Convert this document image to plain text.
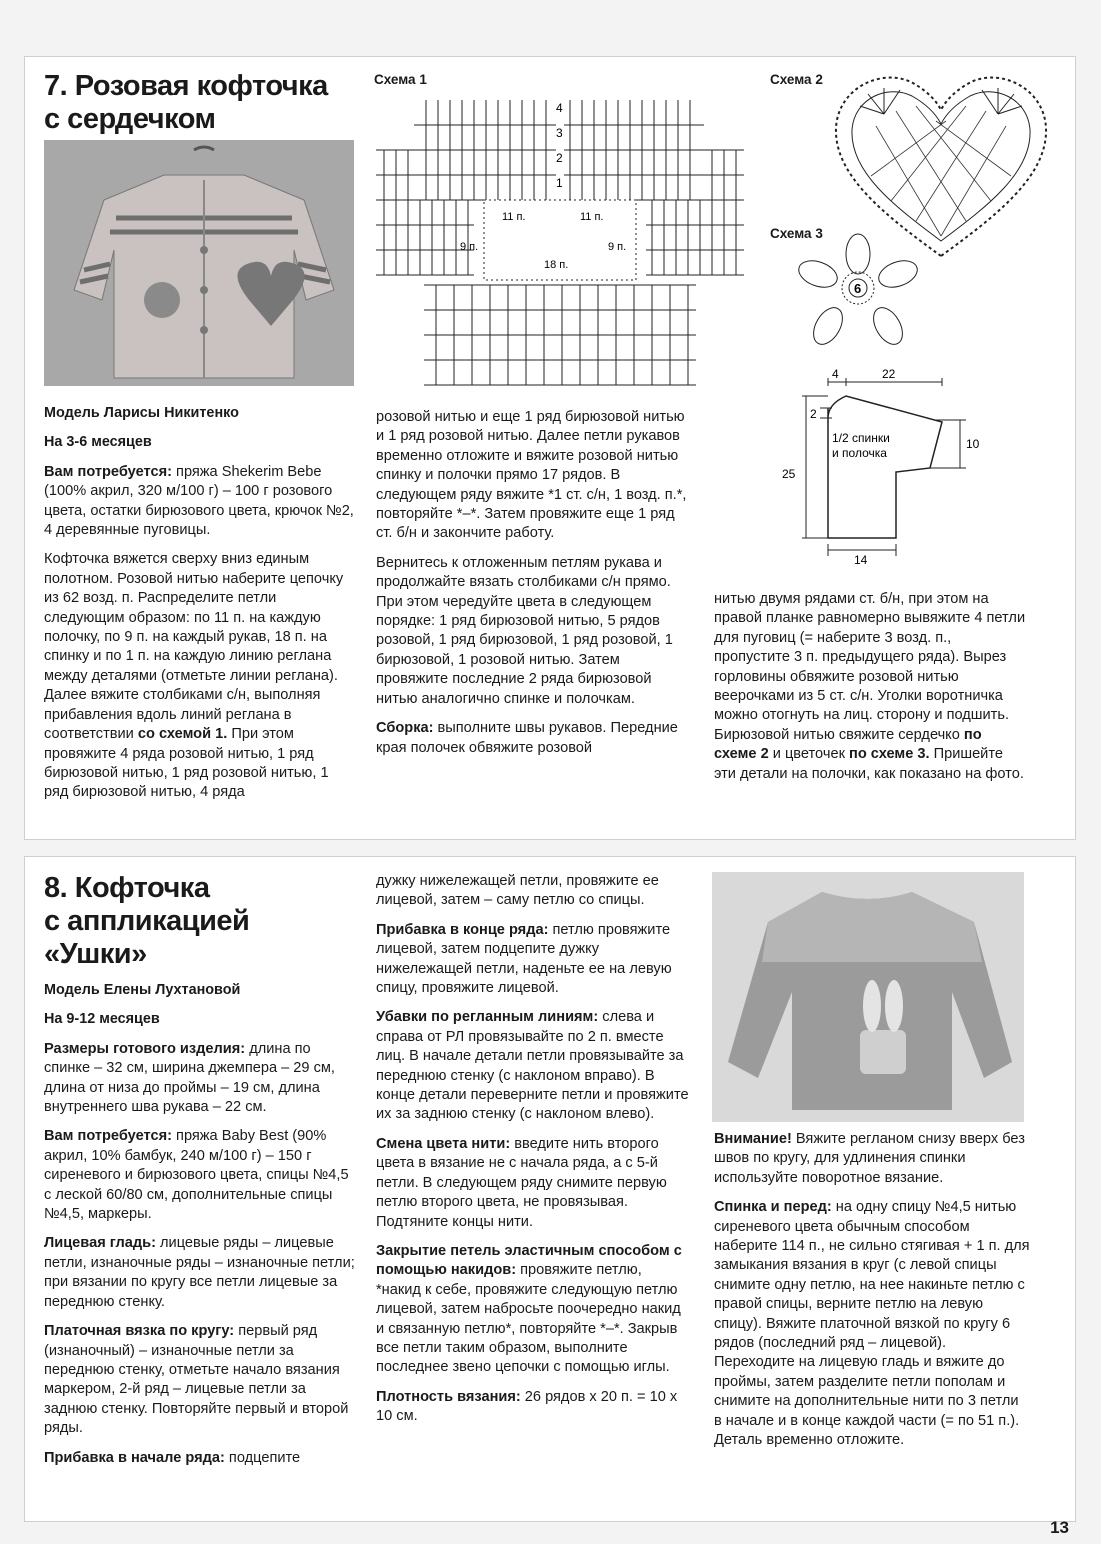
7. Розовая кофточка
с сердечком
Схема 1
4
3
2
1
11 п.	11 п.
9 п.	9 п.
18 п.
Схема 2
Схема 3
6
4	22
2
10
25
14
1/2 спинки
и полочка

Модель Ларисы Никитенко

На 3-6 месяцев

Вам потребуется: пряжа Shekerim Bebe (100% акрил, 320 м/100 г) – 100 г розового цвета, остатки бирюзового цвета, крючок №2, 4 деревянные пуговицы.

Кофточка вяжется сверху вниз единым полотном. Розовой нитью наберите цепочку из 62 возд. п. Распределите петли следующим образом: по 11 п. на каждую полочку, по 9 п. на каждый рукав, 18 п. на спинку и по 1 п. на каждую линию реглана между деталями (отметьте линии реглана). Далее вяжите столбиками с/н, выполняя прибавления вдоль линий реглана в соответствии со схемой 1. При этом провяжите 4 ряда розовой нитью, 1 ряд бирюзовой нитью, 1 ряд розовой нитью, 1 ряд бирюзовой нитью, 4 ряда

розовой нитью и еще 1 ряд бирюзовой нитью и 1 ряд розовой нитью. Далее петли рукавов временно отложите и вяжите розовой нитью спинку и полочки прямо 17 рядов. В следующем ряду вяжите *1 ст. с/н, 1 возд. п.*, повторяйте *–*. Затем провяжите еще 1 ряд ст. б/н и закончите работу.

Вернитесь к отложенным петлям рукава и продолжайте вязать столбиками с/н прямо. При этом чередуйте цвета в следующем порядке: 1 ряд бирюзовой нитью, 5 рядов розовой, 1 ряд бирюзовой, 1 ряд розовой, 1 бирюзовой, 1 розовой нитью. Затем провяжите последние 2 ряда бирюзовой нитью аналогично спинке и полочкам.

Сборка: выполните швы рукавов. Передние края полочек обвяжите розовой

нитью двумя рядами ст. б/н, при этом на правой планке равномерно вывяжите 4 петли для пуговиц (= наберите 3 возд. п., пропустите 3 п. предыдущего ряда). Вырез горловины обвяжите розовой нитью веерочками из 5 ст. с/н. Уголки воротничка можно отогнуть на лиц. сторону и подшить. Бирюзовой нитью свяжите сердечко по схеме 2 и цветочек по схеме 3. Пришейте эти детали на полочки, как показано на фото.

8. Кофточка
с аппликацией
«Ушки»

Модель Елены Лухтановой

На 9-12 месяцев

Размеры готового изделия: длина по спинке – 32 см, ширина джемпера – 29 см, длина от низа до проймы – 19 см, длина внутреннего шва рукава – 22 см.

Вам потребуется: пряжа Baby Best (90% акрил, 10% бамбук, 240 м/100 г) – 150 г сиреневого и бирюзового цвета, спицы №4,5 с леской 60/80 см, дополнительные спицы №4,5, маркеры.

Лицевая гладь: лицевые ряды – лицевые петли, изнаночные ряды – изнаночные петли; при вязании по кругу все петли лицевые за переднюю стенку.

Платочная вязка по кругу: первый ряд (изнаночный) – изнаночные петли за переднюю стенку, отметьте начало вязания маркером, 2-й ряд – лицевые петли за заднюю стенку. Повторяйте первый и второй ряды.

Прибавка в начале ряда: подцепите

дужку нижележащей петли, провяжите ее лицевой, затем – саму петлю со спицы.

Прибавка в конце ряда: петлю провяжите лицевой, затем подцепите дужку нижележащей петли, наденьте ее на левую спицу, провяжите лицевой.

Убавки по регланным линиям: слева и справа от РЛ провязывайте по 2 п. вместе лиц. В начале детали петли провязывайте за переднюю стенку (с наклоном вправо). В конце детали переверните петли и провяжите их за заднюю стенку (с наклоном влево).

Смена цвета нити: введите нить второго цвета в вязание не с начала ряда, а с 5-й петли. В следующем ряду снимите первую петлю второго цвета, не провязывая. Подтяните концы нити.

Закрытие петель эластичным способом с помощью накидов: провяжите петлю, *накид к себе, провяжите следующую петлю лицевой, затем набросьте поочередно накид и связанную петлю*, повторяйте *–*. Закрыв все петли таким образом, выполните последнее звено цепочки с помощью иглы.

Плотность вязания: 26 рядов х 20 п. = 10 х 10 см.

Внимание! Вяжите регланом снизу вверх без швов по кругу, для удлинения спинки используйте поворотное вязание.

Спинка и перед: на одну спицу №4,5 нитью сиреневого цвета обычным способом наберите 114 п., не сильно стягивая + 1 п. для замыкания вязания в круг (с левой спицы снимите одну петлю, на нее накиньте петлю с правой спицы, верните петлю на левую спицу). Вяжите платочной вязкой по кругу 6 рядов (последний ряд – лицевой). Переходите на лицевую гладь и вяжите до проймы, затем разделите петли пополам и снимите на дополнительные нити по 3 петли в начале и в конце каждой части (= по 51 п.). Деталь временно отложите.

13
